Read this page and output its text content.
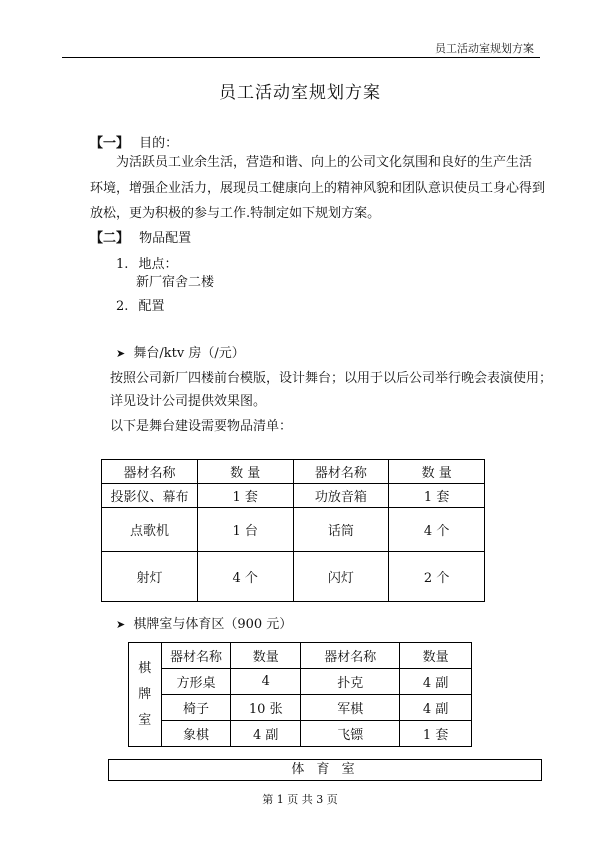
员工活动室规划方案
员工活动室规划方案
【一】 目的：
为活跃员工业余生活，营造和谐、向上的公司文化氛围和良好的生产生活
环境，增强企业活力，展现员工健康向上的精神风貌和团队意识使员工身心得到
放松，更为积极的参与工作.特制定如下规划方案。
【二】 物品配置
1. 地点：
新厂宿舍二楼
2. 配置
➤ 舞台/ktv 房（/元）
按照公司新厂四楼前台模版，设计舞台；以用于以后公司举行晚会表演使用；
详见设计公司提供效果图。
以下是舞台建设需要物品清单：
器材名称	数 量	器材名称	数 量
投影仪、幕布	1 套	功放音箱	1 套
点歌机	1 台	话筒	4 个
射灯	4 个	闪灯	2 个
➤ 棋牌室与体育区（900 元）
棋
牌
室	器材名称	数量	器材名称	数量
	方形桌	4	扑克	4 副
	椅子	10 张	军棋	4 副
	象棋	4 副	飞镖	1 套
体 育 室
第 1 页 共 3 页
